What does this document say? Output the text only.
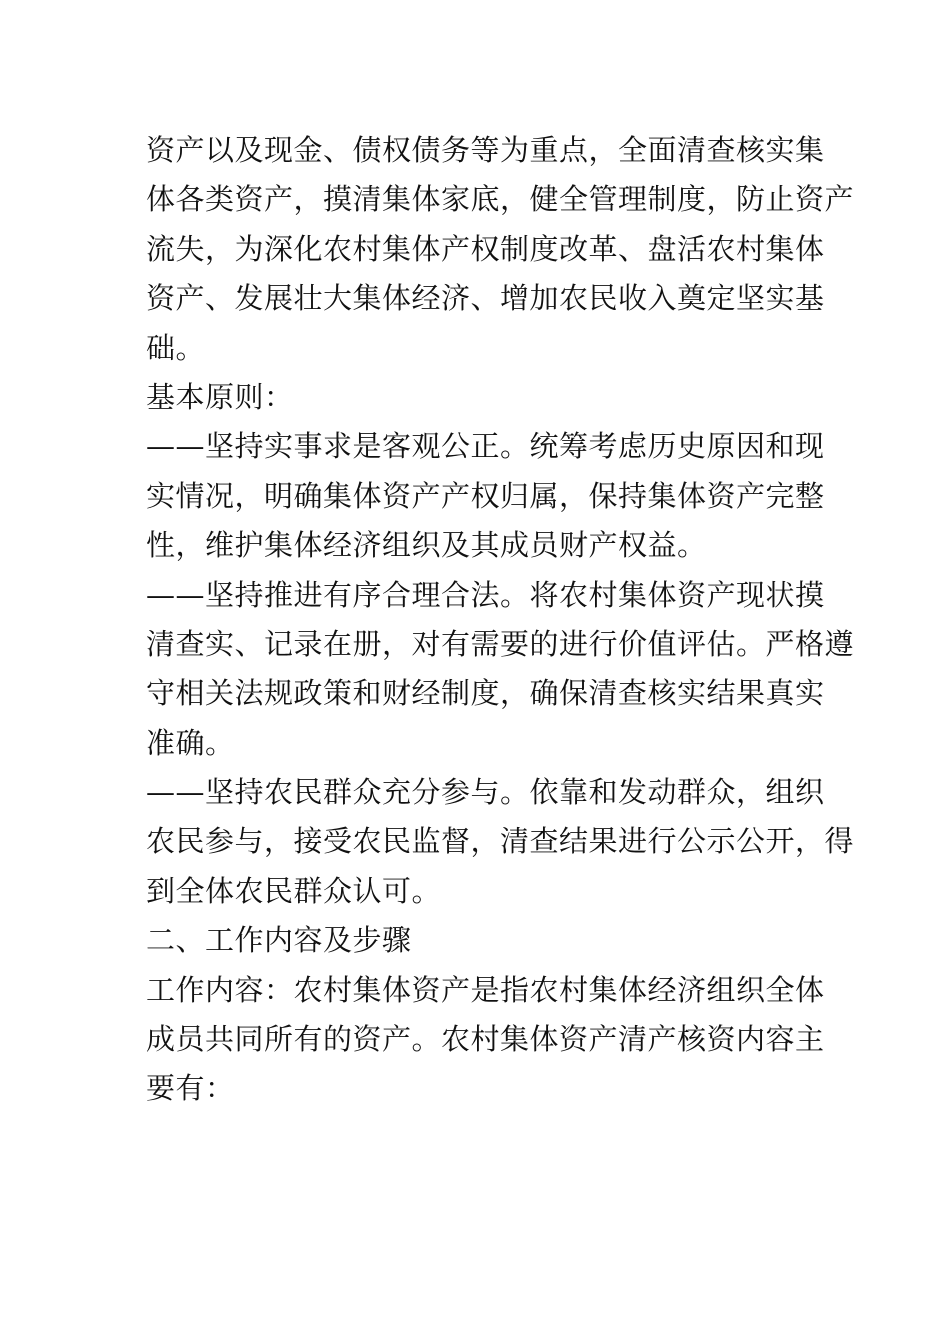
资产以及现金、债权债务等为重点，全面清查核实集
体各类资产，摸清集体家底，健全管理制度，防止资产
流失，为深化农村集体产权制度改革、盘活农村集体
资产、发展壮大集体经济、增加农民收入奠定坚实基
础。
基本原则：
——坚持实事求是客观公正。统筹考虑历史原因和现
实情况，明确集体资产产权归属，保持集体资产完整
性，维护集体经济组织及其成员财产权益。
——坚持推进有序合理合法。将农村集体资产现状摸
清查实、记录在册，对有需要的进行价值评估。严格遵
守相关法规政策和财经制度，确保清查核实结果真实
准确。
——坚持农民群众充分参与。依靠和发动群众，组织
农民参与，接受农民监督，清查结果进行公示公开，得
到全体农民群众认可。
二、工作内容及步骤
工作内容：农村集体资产是指农村集体经济组织全体
成员共同所有的资产。农村集体资产清产核资内容主
要有：
